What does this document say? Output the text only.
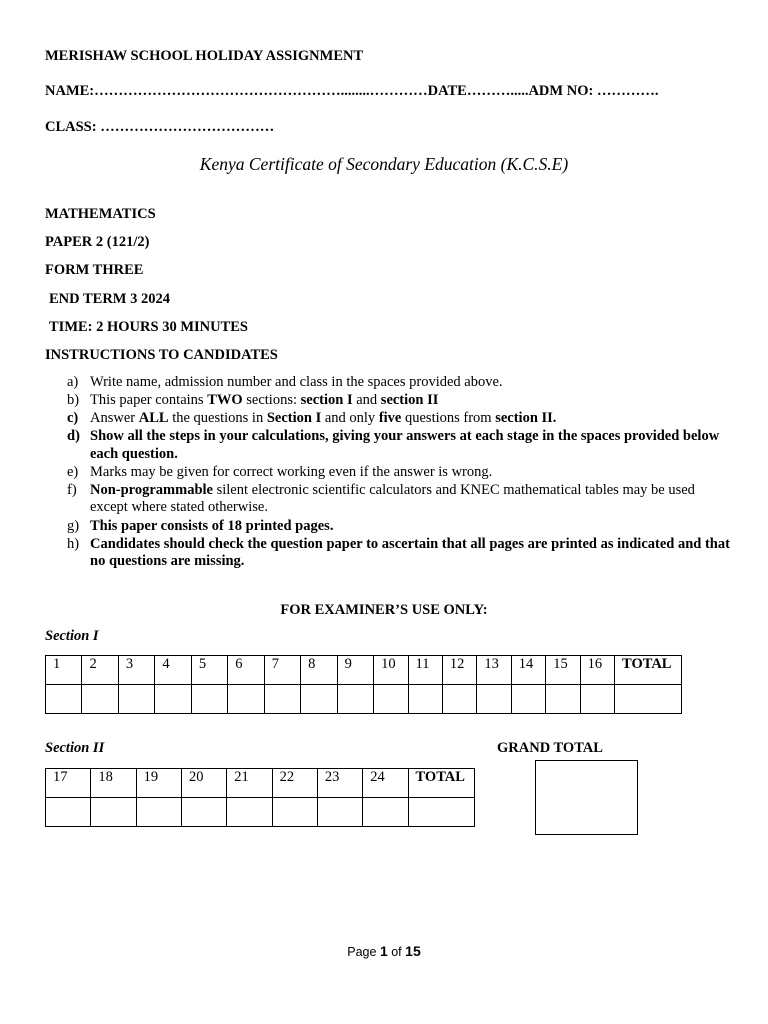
MERISHAW SCHOOL HOLIDAY ASSIGNMENT
NAME:……………………………………………........…………DATE……….....ADM NO: ………….
CLASS: ………………………………
Kenya Certificate of Secondary Education (K.C.S.E)
MATHEMATICS
PAPER 2 (121/2)
FORM THREE
END TERM 3 2024
TIME: 2 HOURS 30 MINUTES
INSTRUCTIONS TO CANDIDATES
a) Write name, admission number and class in the spaces provided above.
b) This paper contains TWO sections: section I and section II
c) Answer ALL the questions in Section I and only five questions from section II.
d) Show all the steps in your calculations, giving your answers at each stage in the spaces provided below each question.
e) Marks may be given for correct working even if the answer is wrong.
f) Non-programmable silent electronic scientific calculators and KNEC mathematical tables may be used except where stated otherwise.
g) This paper consists of 18 printed pages.
h) Candidates should check the question paper to ascertain that all pages are printed as indicated and that no questions are missing.
FOR EXAMINER’S USE ONLY:
Section I
1	2	3	4	5	6	7	8	9	10	11	12	13	14	15	16	TOTAL

Section II	GRAND TOTAL
17	18	19	20	21	22	23	24	TOTAL

Page 1 of 15
